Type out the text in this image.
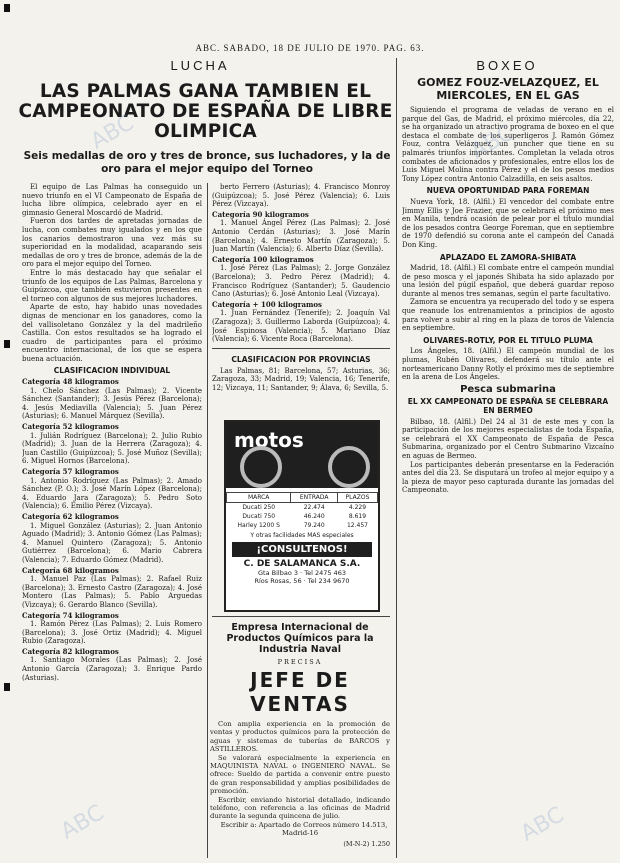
ABC. SABADO, 18 DE JULIO DE 1970. PAG. 63.
LUCHA	BOXEO
LAS PALMAS GANA TAMBIEN EL CAMPEONATO DE ESPAÑA DE LIBRE OLIMPICA
Seis medallas de oro y tres de bronce, sus luchadores, y la de oro para el mejor equipo del Torneo

El equipo de Las Palmas ha conseguido un nuevo triunfo en el VI Campeonato de España de lucha libre olímpica, celebrado ayer en el gimnasio General Moscardó de Madrid.

Fueron dos tardes de apretadas jornadas de lucha, con combates muy igualados y en los que los canarios demostraron una vez más su superioridad en la modalidad, acaparando seis medallas de oro y tres de bronce, además de la de oro para el mejor equipo del Torneo.

Entre lo más destacado hay que señalar el triunfo de los equipos de Las Palmas, Barcelona y Guipúzcoa, que también estuvieron presentes en el torneo con algunos de sus mejores luchadores.

Aparte de esto, hay habido unas novedades dignas de mencionar en los ganadores, como la del vallisoletano González y la del madrileño Castilla. Con estos resultados se ha logrado el cuadro de participantes para el próximo encuentro internacional, de los que se espera buena actuación.

CLASIFICACION INDIVIDUAL

Categoría 48 kilogramos

1. Chelo Sánchez (Las Palmas); 2. Vicente Sánchez (Santander); 3. Jesús Pérez (Barcelona); 4. Jesús Mediavilla (Valencia); 5. Juan Pérez (Asturias); 6. Manuel Márquez (Sevilla).

Categoría 52 kilogramos

1. Julián Rodríguez (Barcelona); 2. Julio Rubio (Madrid); 3. Juan de la Herrera (Zaragoza); 4. Juan Castillo (Guipúzcoa); 5. José Muñoz (Sevilla); 6. Miguel Hornos (Barcelona).

Categoría 57 kilogramos

1. Antonio Rodríguez (Las Palmas); 2. Amado Sánchez (P. O.); 3. José Marín López (Barcelona); 4. Eduardo Jara (Zaragoza); 5. Pedro Soto (Valencia); 6. Emilio Pérez (Vizcaya).

Categoría 62 kilogramos

1. Miguel González (Asturias); 2. Juan Antonio Aguado (Madrid); 3. Antonio Gómez (Las Palmas); 4. Manuel Quintero (Zaragoza); 5. Antonio Gutiérrez (Barcelona); 6. Mario Cabrera (Valencia); 7. Eduardo Gómez (Madrid).

Categoría 68 kilogramos

1. Manuel Paz (Las Palmas); 2. Rafael Ruiz (Barcelona); 3. Ernesto Castro (Zaragoza); 4. José Montero (Las Palmas); 5. Pablo Arguedas (Vizcaya); 6. Gerardo Blanco (Sevilla).

Categoría 74 kilogramos

1. Ramón Pérez (Las Palmas); 2. Luis Romero (Barcelona); 3. José Ortiz (Madrid); 4. Miguel Rubio (Zaragoza).

Categoría 82 kilogramos

1. Santiago Morales (Las Palmas); 2. José Antonio García (Zaragoza); 3. Enrique Pardo (Asturias).

berto Ferrero (Asturias); 4. Francisco Monroy (Guipúzcoa); 5. José Pérez (Valencia); 6. Luis Pérez (Vizcaya).

Categoría 90 kilogramos

1. Manuel Ángel Pérez (Las Palmas); 2. José Antonio Cerdán (Asturias); 3. José Marín (Barcelona); 4. Ernesto Martín (Zaragoza); 5. Juan Martín (Valencia); 6. Alberto Díaz (Sevilla).

Categoría 100 kilogramos

1. José Pérez (Las Palmas); 2. Jorge González (Barcelona); 3. Pedro Pérez (Madrid); 4. Francisco Rodríguez (Santander); 5. Gaudencio Cano (Asturias); 6. José Antonio Leal (Vizcaya).

Categoría + 100 kilogramos

1. Juan Fernández (Tenerife); 2. Joaquín Val (Zaragoza); 3. Guillermo Laborda (Guipúzcoa); 4. José Espinosa (Valencia); 5. Mariano Díaz (Valencia); 6. Vicente Roca (Barcelona).

CLASIFICACION POR PROVINCIAS

Las Palmas, 81; Barcelona, 57; Asturias, 36; Zaragoza, 33; Madrid, 19; Valencia, 16; Tenerife, 12; Vizcaya, 11; Santander, 9; Álava, 6; Sevilla, 5.

motos
MARCA	ENTRADA	PLAZOS
Ducati 250	22.474	4.229
Ducati 750	46.240	8.619
Harley 1200 S	79.240	12.457
Y otras facilidades MAS especiales
¡CONSULTENOS!
C. DE SALAMANCA S.A.
Gta Bilbao 3 · Tel 2475 463
Ríos Rosas, 56 · Tel 234 9670
Empresa Internacional de Productos Químicos para la Industria Naval
PRECISA
JEFE DE VENTAS

Con amplia experiencia en la promoción de ventas y productos químicos para la protección de aguas y sistemas de tuberías de BARCOS y ASTILLEROS.

Se valorará especialmente la experiencia en MAQUINISTA NAVAL o INGENIERO NAVAL. Se ofrece: Sueldo de partida a convenir entre puesto de gran responsabilidad y amplias posibilidades de promoción.

Escribir, enviando historial detallado, indicando teléfono, con referencia a las oficinas de Madrid durante la segunda quincena de julio.

Escribir a: Apartado de Correos número 14.513, Madrid-16

(M-N-2) 1.250
GOMEZ FOUZ-VELAZQUEZ, EL MIERCOLES, EN EL GAS

Siguiendo el programa de veladas de verano en el parque del Gas, de Madrid, el próximo miércoles, día 22, se ha organizado un atractivo programa de boxeo en el que destaca el combate de los superligeros J. Ramón Gómez Fouz, contra Velázquez, un puncher que tiene en su palmarés triunfos importantes. Completan la velada otros combates de aficionados y profesionales, entre ellos los de Luis Miguel Molina contra Pérez y el de los pesos medios Tony López contra Antonio Calzadilla, en seis asaltos.

NUEVA OPORTUNIDAD PARA FOREMAN

Nueva York, 18. (Alfil.) El vencedor del combate entre Jimmy Ellis y Joe Frazier, que se celebrará el próximo mes en Manila, tendrá ocasión de pelear por el título mundial de los pesados contra George Foreman, que en septiembre de 1970 defendió su corona ante el campeón del Canadá Don King.

APLAZADO EL ZAMORA-SHIBATA

Madrid, 18. (Alfil.) El combate entre el campeón mundial de peso mosca y el japonés Shibata ha sido aplazado por una lesión del púgil español, que deberá guardar reposo durante al menos tres semanas, según el parte facultativo.

Zamora se encuentra ya recuperado del todo y se espera que reanude los entrenamientos a principios de agosto para volver a subir al ring en la plaza de toros de Valencia en septiembre.

OLIVARES-ROTLY, POR EL TITULO PLUMA

Los Ángeles, 18. (Alfil.) El campeón mundial de los plumas, Rubén Olivares, defenderá su título ante el norteamericano Danny Rotly el próximo mes de septiembre en la arena de Los Ángeles.

Pesca submarina
EL XX CAMPEONATO DE ESPAÑA SE CELEBRARA EN BERMEO

Bilbao, 18. (Alfil.) Del 24 al 31 de este mes y con la participación de los mejores especialistas de toda España, se celebrará el XX Campeonato de España de Pesca Submarina, organizado por el Centro Submarino Vizcaíno en aguas de Bermeo.

Los participantes deberán presentarse en la Federación antes del día 23. Se disputará un trofeo al mejor equipo y a la pieza de mayor peso capturada durante las jornadas del Campeonato.

ABC	ABC
ABC	ABC
